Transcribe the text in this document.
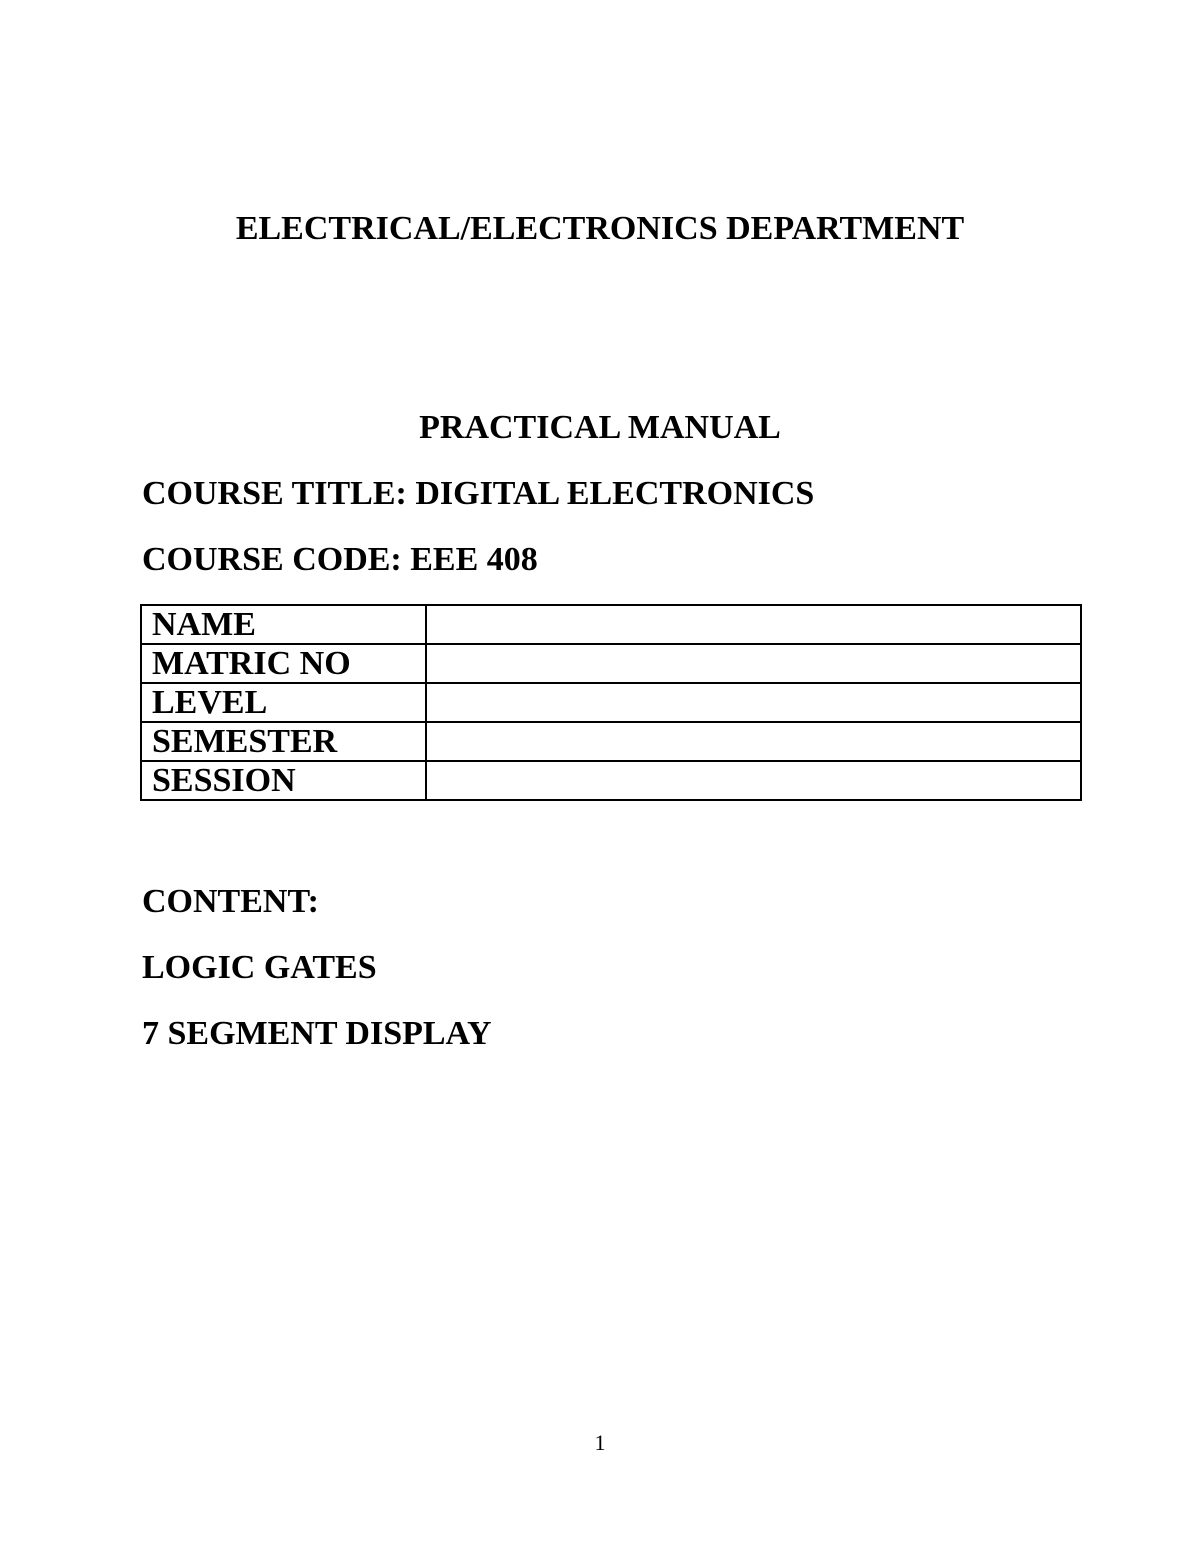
ELECTRICAL/ELECTRONICS DEPARTMENT
PRACTICAL MANUAL
COURSE TITLE: DIGITAL ELECTRONICS
COURSE CODE: EEE 408
NAME	
MATRIC NO	
LEVEL	
SEMESTER	
SESSION	
CONTENT:
LOGIC GATES
7 SEGMENT DISPLAY
1
